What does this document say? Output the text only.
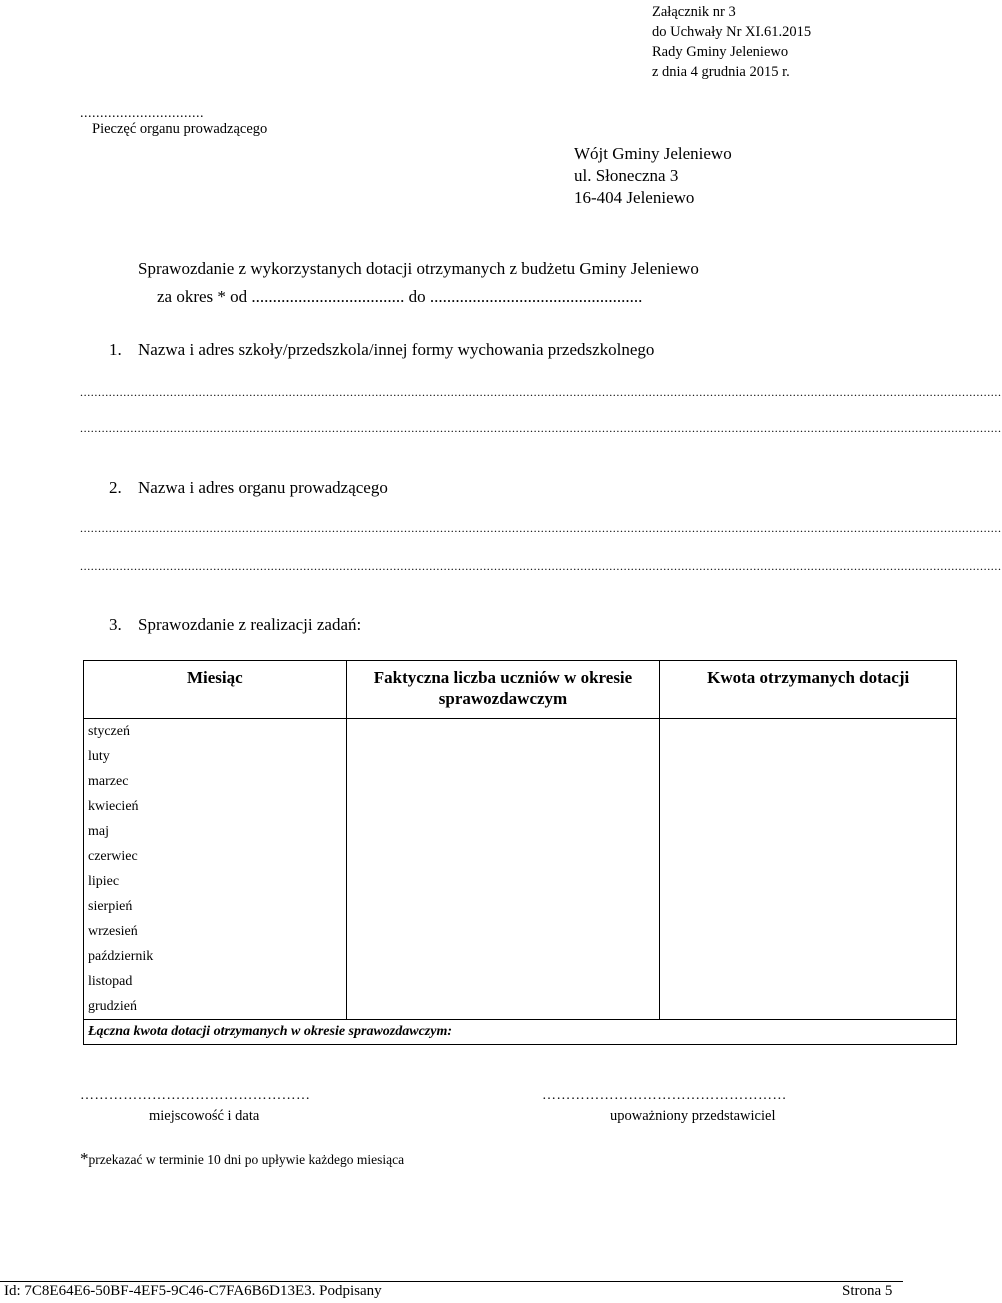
Załącznik nr 3
do Uchwały Nr XI.61.2015
Rady Gminy Jeleniewo
z dnia 4 grudnia 2015 r.
...............................
Pieczęć organu prowadzącego
Wójt Gminy Jeleniewo
ul. Słoneczna 3
16-404 Jeleniewo
Sprawozdanie z wykorzystanych dotacji otrzymanych z budżetu Gminy Jeleniewo
za okres * od .................................... do ..................................................
1. Nazwa i adres szkoły/przedszkola/innej formy wychowania przedszkolnego
................................................................................................................................................................................................................................................................
................................................................................................................................................................................................................................................................
2. Nazwa i adres organu prowadzącego
................................................................................................................................................................................................................................................................
................................................................................................................................................................................................................................................................
3. Sprawozdanie z realizacji zadań:
Miesiąc	Faktyczna liczba uczniów w okresie sprawozdawczym	Kwota otrzymanych dotacji
styczeń		
luty		
marzec		
kwiecień		
maj		
czerwiec		
lipiec		
sierpień		
wrzesień		
październik		
listopad		
grudzień		
Łączna kwota dotacji otrzymanych w okresie sprawozdawczym:		
…………………………………………
miejscowość i data
……………………………………………
upoważniony przedstawiciel
*przekazać w terminie 10 dni po upływie każdego miesiąca
Id: 7C8E64E6-50BF-4EF5-9C46-C7FA6B6D13E3. Podpisany	Strona 5
